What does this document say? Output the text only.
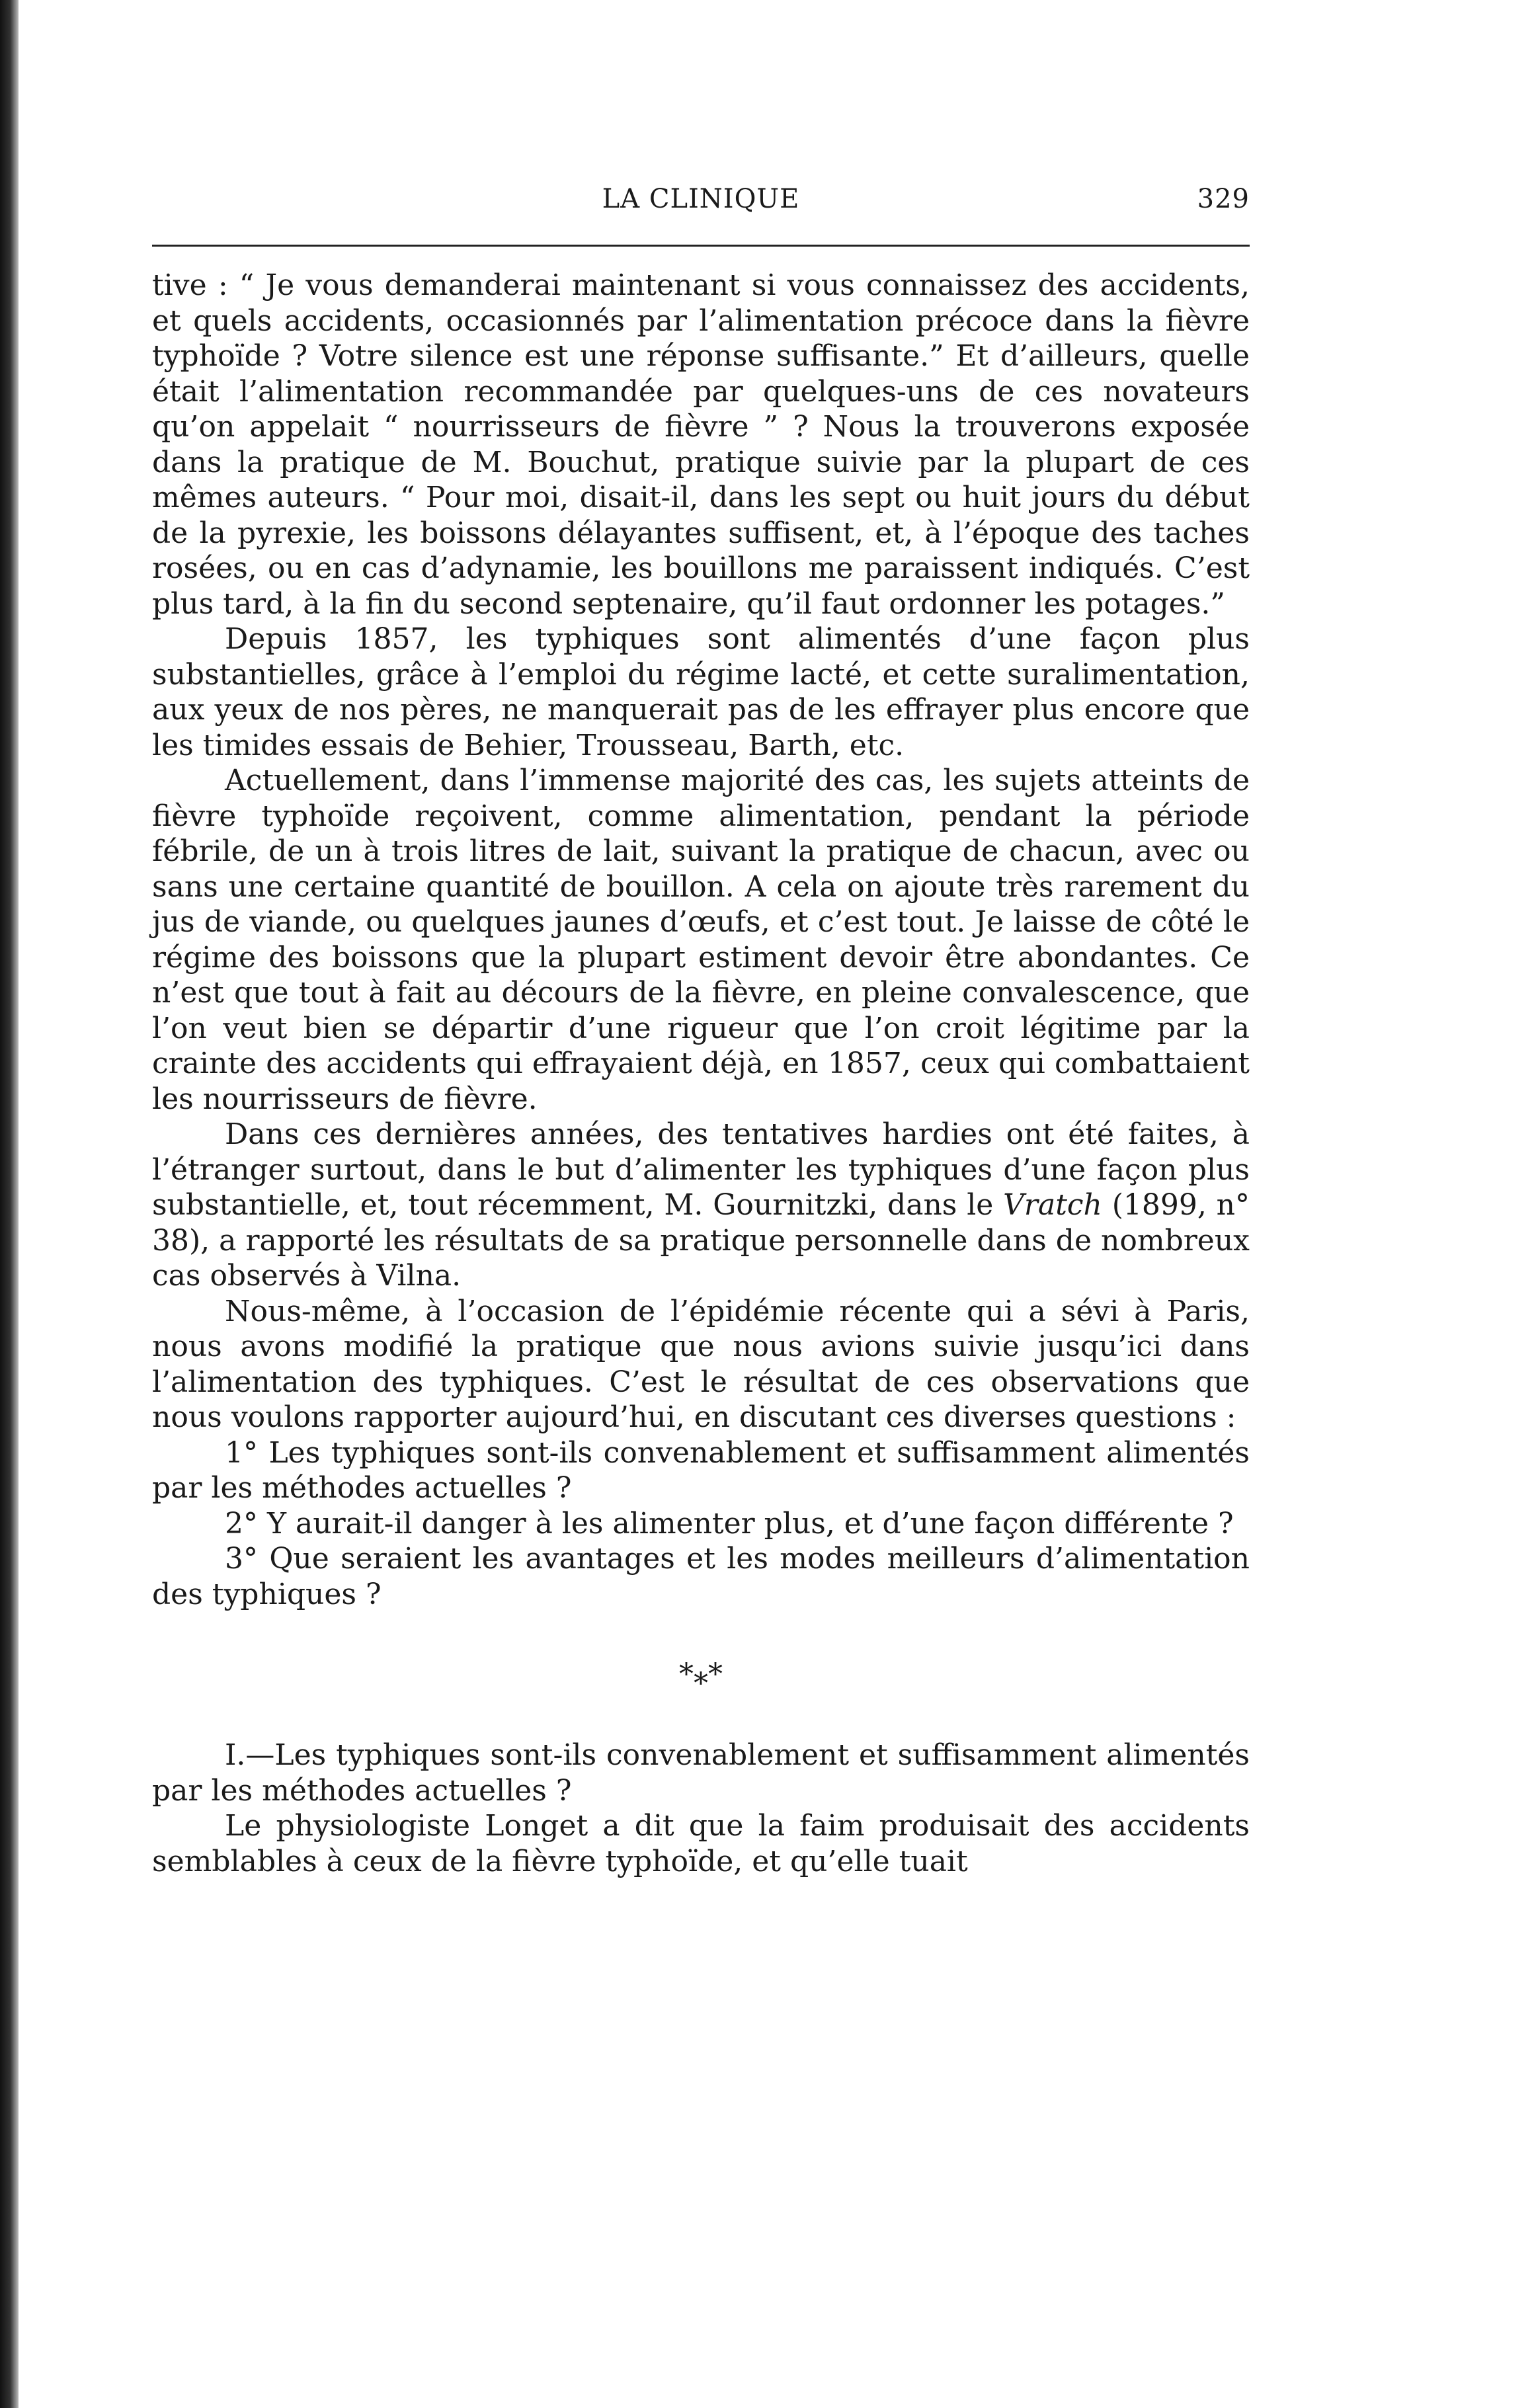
LA CLINIQUE	329

tive : “ Je vous demanderai maintenant si vous connaissez des accidents, et quels accidents, occasionnés par l’alimentation précoce dans la fièvre typhoïde ? Votre silence est une réponse suffisante.” Et d’ailleurs, quelle était l’alimentation recommandée par quelques-uns de ces novateurs qu’on appelait “ nourrisseurs de fièvre ” ? Nous la trouverons exposée dans la pratique de M. Bouchut, pratique suivie par la plupart de ces mêmes auteurs. “ Pour moi, disait-il, dans les sept ou huit jours du début de la pyrexie, les boissons délayantes suffisent, et, à l’époque des taches rosées, ou en cas d’adynamie, les bouillons me paraissent indiqués. C’est plus tard, à la fin du second septenaire, qu’il faut ordonner les potages.”

Depuis 1857, les typhiques sont alimentés d’une façon plus substantielles, grâce à l’emploi du régime lacté, et cette suralimentation, aux yeux de nos pères, ne manquerait pas de les effrayer plus encore que les timides essais de Behier, Trousseau, Barth, etc.

Actuellement, dans l’immense majorité des cas, les sujets atteints de fièvre typhoïde reçoivent, comme alimentation, pendant la période fébrile, de un à trois litres de lait, suivant la pratique de chacun, avec ou sans une certaine quantité de bouillon. A cela on ajoute très rarement du jus de viande, ou quelques jaunes d’œufs, et c’est tout. Je laisse de côté le régime des boissons que la plupart estiment devoir être abondantes. Ce n’est que tout à fait au décours de la fièvre, en pleine convalescence, que l’on veut bien se départir d’une rigueur que l’on croit légitime par la crainte des accidents qui effrayaient déjà, en 1857, ceux qui combattaient les nourrisseurs de fièvre.

Dans ces dernières années, des tentatives hardies ont été faites, à l’étranger surtout, dans le but d’alimenter les typhiques d’une façon plus substantielle, et, tout récemment, M. Gournitzki, dans le Vratch (1899, n° 38), a rapporté les résultats de sa pratique personnelle dans de nombreux cas observés à Vilna.

Nous-même, à l’occasion de l’épidémie récente qui a sévi à Paris, nous avons modifié la pratique que nous avions suivie jusqu’ici dans l’alimentation des typhiques. C’est le résultat de ces observations que nous voulons rapporter aujourd’hui, en discutant ces diverses questions :

1° Les typhiques sont-ils convenablement et suffisamment alimentés par les méthodes actuelles ?

2° Y aurait-il danger à les alimenter plus, et d’une façon différente ?

3° Que seraient les avantages et les modes meilleurs d’alimentation des typhiques ?

*⁎*

I.—Les typhiques sont-ils convenablement et suffisamment alimentés par les méthodes actuelles ?

Le physiologiste Longet a dit que la faim produisait des accidents semblables à ceux de la fièvre typhoïde, et qu’elle tuait
